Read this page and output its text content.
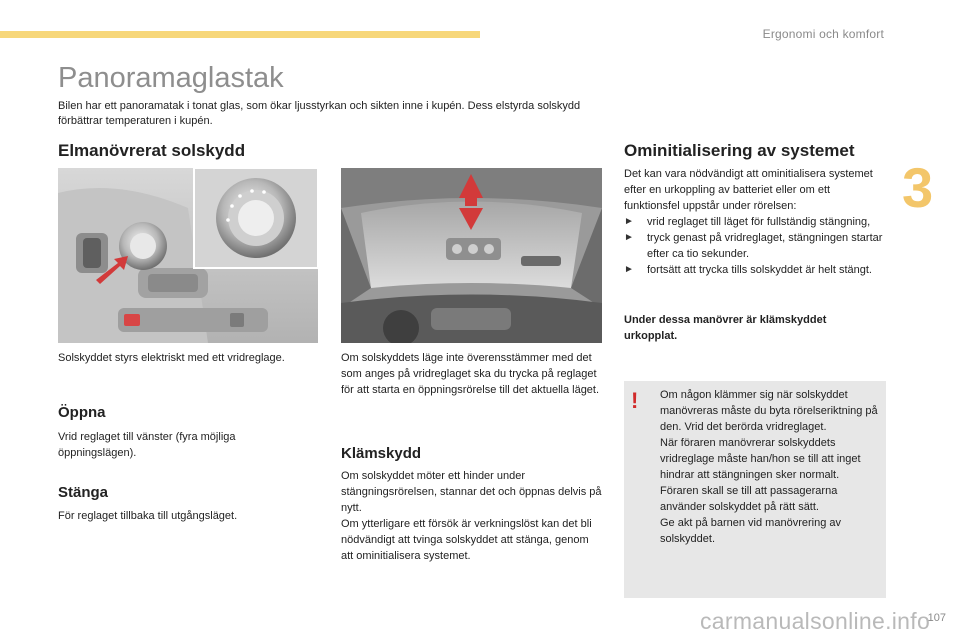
Ergonomi och komfort
3
Panoramaglastak

Bilen har ett panoramatak i tonat glas, som ökar ljusstyrkan och sikten inne i kupén. Dess elstyrda solskydd förbättrar temperaturen i kupén.

Elmanövrerat solskydd

Solskyddet styrs elektriskt med ett vridreglage.

Öppna

Vrid reglaget till vänster (fyra möjliga öppningslägen).

Stänga

För reglaget tillbaka till utgångsläget.

Om solskyddets läge inte överensstämmer med det som anges på vridreglaget ska du trycka på reglaget för att starta en öppningsrörelse till det aktuella läget.

Klämskydd

Om solskyddet möter ett hinder under stängningsrörelsen, stannar det och öppnas delvis på nytt.
Om ytterligare ett försök är verkningslöst kan det bli nödvändigt att tvinga solskyddet att stänga, genom att ominitialisera systemet.

Ominitialisering av systemet

Det kan vara nödvändigt att ominitialisera systemet efter en urkoppling av batteriet eller om ett funktionsfel uppstår under rörelsen:

► vrid reglaget till läget för fullständig stängning,
► tryck genast på vridreglaget, stängningen startar efter ca tio sekunder.
► fortsätt att trycka tills solskyddet är helt stängt.

Under dessa manövrer är klämskyddet urkopplat.

! Om någon klämmer sig när solskyddet manövreras måste du byta rörelseriktning på den. Vrid det berörda vridreglaget.
När föraren manövrerar solskyddets vridreglage måste han/hon se till att inget hindrar att stängningen sker normalt.
Föraren skall se till att passagerarna använder solskyddet på rätt sätt.
Ge akt på barnen vid manövrering av solskyddet.

107
carmanualsonline.info
